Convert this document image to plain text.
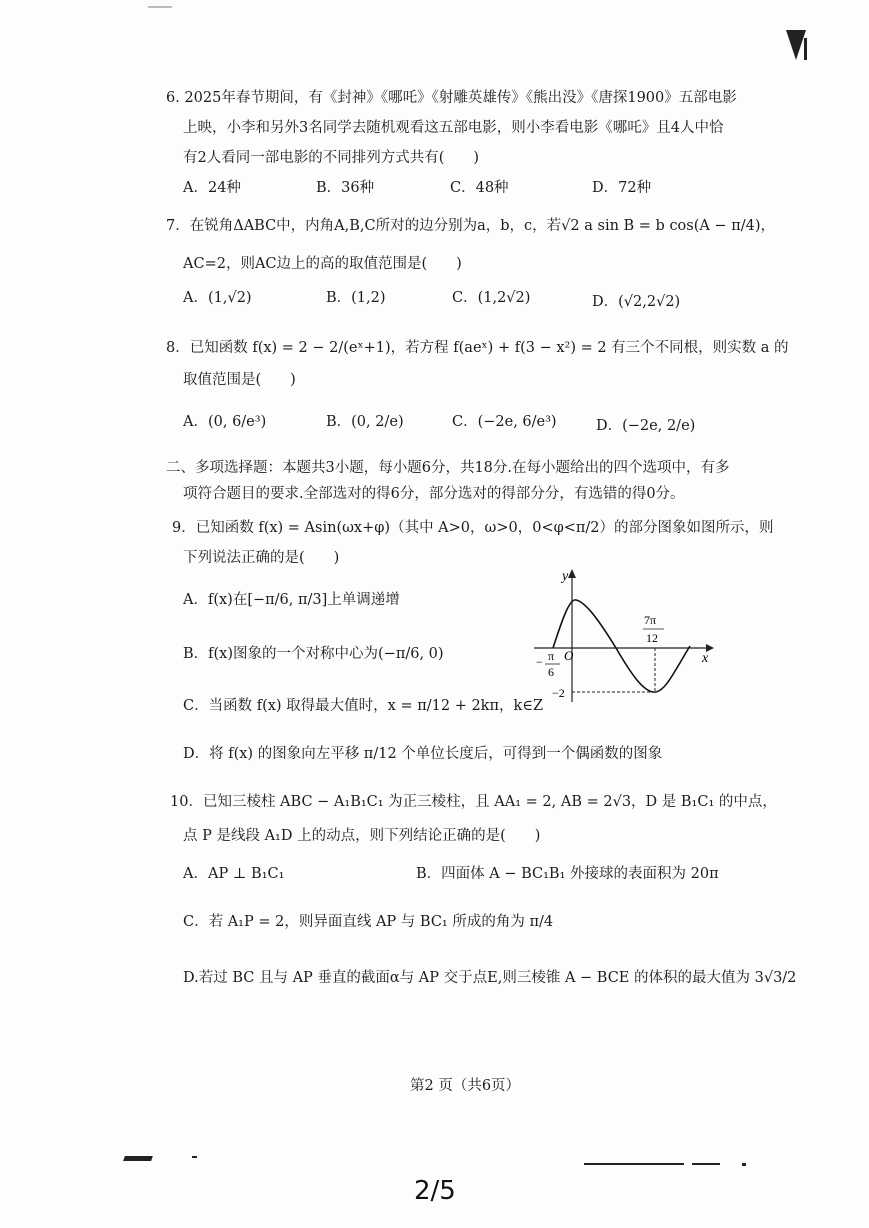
6. 2025年春节期间，有《封神》《哪吒》《射雕英雄传》《熊出没》《唐探1900》五部电影
上映，小李和另外3名同学去随机观看这五部电影，则小李看电影《哪吒》且4人中恰
有2人看同一部电影的不同排列方式共有(　　)
A．24种	B．36种	C．48种	D．72种
7．在锐角ΔABC中，内角A,B,C所对的边分别为a，b，c，若√2 a sin B = b cos(A − π/4)，
AC=2，则AC边上的高的取值范围是(　　)
A．(1,√2)	B．(1,2)	C．(1,2√2)	D．(√2,2√2)
8．已知函数 f(x) = 2 − 2/(eˣ+1)，若方程 f(aeˣ) + f(3 − x²) = 2 有三个不同根，则实数 a 的
取值范围是(　　)
A．(0, 6/e³)	B．(0, 2/e)	C．(−2e, 6/e³)	D．(−2e, 2/e)
二、多项选择题：本题共3小题，每小题6分，共18分.在每小题给出的四个选项中，有多
项符合题目的要求.全部选对的得6分，部分选对的得部分分，有选错的得0分。
9．已知函数 f(x) = Asin(ωx+φ)（其中 A>0，ω>0，0<φ<π/2）的部分图象如图所示，则
下列说法正确的是(　　)
A．f(x)在[−π/6, π/3]上单调递增
B．f(x)图象的一个对称中心为(−π/6, 0)
C．当函数 f(x) 取得最大值时，x = π/12 + 2kπ，k∈Z
D．将 f(x) 的图象向左平移 π/12 个单位长度后，可得到一个偶函数的图象
y
x
O
7π
12
− π
6
−2
10．已知三棱柱 ABC − A₁B₁C₁ 为正三棱柱，且 AA₁ = 2, AB = 2√3，D 是 B₁C₁ 的中点，
点 P 是线段 A₁D 上的动点，则下列结论正确的是(　　)
A．AP ⊥ B₁C₁	B．四面体 A − BC₁B₁ 外接球的表面积为 20π
C．若 A₁P = 2，则异面直线 AP 与 BC₁ 所成的角为 π/4
D.若过 BC 且与 AP 垂直的截面α与 AP 交于点E,则三棱锥 A − BCE 的体积的最大值为 3√3/2
第2 页（共6页）
2/5
